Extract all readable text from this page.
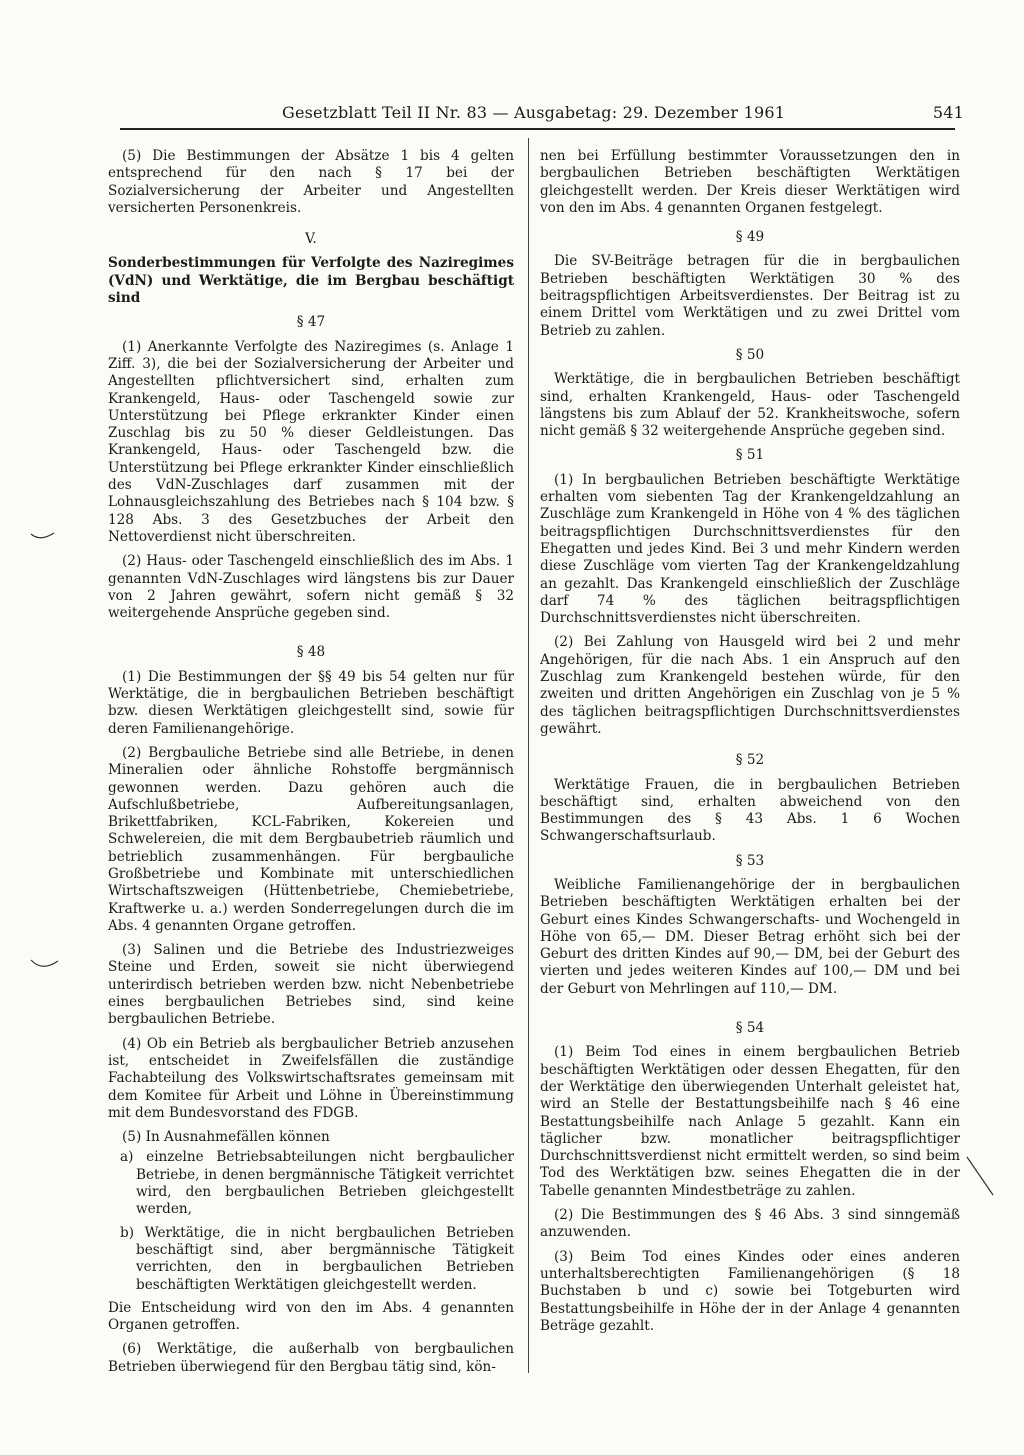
Gesetzblatt Teil II Nr. 83 — Ausgabetag: 29. Dezember 1961	541

(5) Die Bestimmungen der Absätze 1 bis 4 gelten entsprechend für den nach § 17 bei der Sozialversicherung der Arbeiter und Angestellten versicherten Personenkreis.

V.

Sonderbestimmungen für Verfolgte des Naziregimes (VdN) und Werktätige, die im Bergbau beschäftigt sind

§ 47

(1) Anerkannte Verfolgte des Naziregimes (s. Anlage 1 Ziff. 3), die bei der Sozialversicherung der Arbeiter und Angestellten pflichtversichert sind, erhalten zum Krankengeld, Haus- oder Taschengeld sowie zur Unterstützung bei Pflege erkrankter Kinder einen Zuschlag bis zu 50 % dieser Geldleistungen. Das Krankengeld, Haus- oder Taschengeld bzw. die Unterstützung bei Pflege erkrankter Kinder einschließlich des VdN-Zuschlages darf zusammen mit der Lohnausgleichszahlung des Betriebes nach § 104 bzw. § 128 Abs. 3 des Gesetzbuches der Arbeit den Nettoverdienst nicht überschreiten.

(2) Haus- oder Taschengeld einschließlich des im Abs. 1 genannten VdN-Zuschlages wird längstens bis zur Dauer von 2 Jahren gewährt, sofern nicht gemäß § 32 weitergehende Ansprüche gegeben sind.

§ 48

(1) Die Bestimmungen der §§ 49 bis 54 gelten nur für Werktätige, die in bergbaulichen Betrieben beschäftigt bzw. diesen Werktätigen gleichgestellt sind, sowie für deren Familienangehörige.

(2) Bergbauliche Betriebe sind alle Betriebe, in denen Mineralien oder ähnliche Rohstoffe bergmännisch gewonnen werden. Dazu gehören auch die Aufschlußbetriebe, Aufbereitungsanlagen, Brikettfabriken, KCL-Fabriken, Kokereien und Schwelereien, die mit dem Bergbaubetrieb räumlich und betrieblich zusammenhängen. Für bergbauliche Großbetriebe und Kombinate mit unterschiedlichen Wirtschaftszweigen (Hüttenbetriebe, Chemiebetriebe, Kraftwerke u. a.) werden Sonderregelungen durch die im Abs. 4 genannten Organe getroffen.

(3) Salinen und die Betriebe des Industriezweiges Steine und Erden, soweit sie nicht überwiegend unterirdisch betrieben werden bzw. nicht Nebenbetriebe eines bergbaulichen Betriebes sind, sind keine bergbaulichen Betriebe.

(4) Ob ein Betrieb als bergbaulicher Betrieb anzusehen ist, entscheidet in Zweifelsfällen die zuständige Fachabteilung des Volkswirtschaftsrates gemeinsam mit dem Komitee für Arbeit und Löhne in Übereinstimmung mit dem Bundesvorstand des FDGB.

(5) In Ausnahmefällen können

a) einzelne Betriebsabteilungen nicht bergbaulicher Betriebe, in denen bergmännische Tätigkeit verrichtet wird, den bergbaulichen Betrieben gleichgestellt werden,

b) Werktätige, die in nicht bergbaulichen Betrieben beschäftigt sind, aber bergmännische Tätigkeit verrichten, den in bergbaulichen Betrieben beschäftigten Werktätigen gleichgestellt werden.

Die Entscheidung wird von den im Abs. 4 genannten Organen getroffen.

(6) Werktätige, die außerhalb von bergbaulichen Betrieben überwiegend für den Bergbau tätig sind, kön-

nen bei Erfüllung bestimmter Voraussetzungen den in bergbaulichen Betrieben beschäftigten Werktätigen gleichgestellt werden. Der Kreis dieser Werktätigen wird von den im Abs. 4 genannten Organen festgelegt.

§ 49

Die SV-Beiträge betragen für die in bergbaulichen Betrieben beschäftigten Werktätigen 30 % des beitragspflichtigen Arbeitsverdienstes. Der Beitrag ist zu einem Drittel vom Werktätigen und zu zwei Drittel vom Betrieb zu zahlen.

§ 50

Werktätige, die in bergbaulichen Betrieben beschäftigt sind, erhalten Krankengeld, Haus- oder Taschengeld längstens bis zum Ablauf der 52. Krankheitswoche, sofern nicht gemäß § 32 weitergehende Ansprüche gegeben sind.

§ 51

(1) In bergbaulichen Betrieben beschäftigte Werktätige erhalten vom siebenten Tag der Krankengeldzahlung an Zuschläge zum Krankengeld in Höhe von 4 % des täglichen beitragspflichtigen Durchschnittsverdienstes für den Ehegatten und jedes Kind. Bei 3 und mehr Kindern werden diese Zuschläge vom vierten Tag der Krankengeldzahlung an gezahlt. Das Krankengeld einschließlich der Zuschläge darf 74 % des täglichen beitragspflichtigen Durchschnittsverdienstes nicht überschreiten.

(2) Bei Zahlung von Hausgeld wird bei 2 und mehr Angehörigen, für die nach Abs. 1 ein Anspruch auf den Zuschlag zum Krankengeld bestehen würde, für den zweiten und dritten Angehörigen ein Zuschlag von je 5 % des täglichen beitragspflichtigen Durchschnittsverdienstes gewährt.

§ 52

Werktätige Frauen, die in bergbaulichen Betrieben beschäftigt sind, erhalten abweichend von den Bestimmungen des § 43 Abs. 1 6 Wochen Schwangerschaftsurlaub.

§ 53

Weibliche Familienangehörige der in bergbaulichen Betrieben beschäftigten Werktätigen erhalten bei der Geburt eines Kindes Schwangerschafts- und Wochengeld in Höhe von 65,— DM. Dieser Betrag erhöht sich bei der Geburt des dritten Kindes auf 90,— DM, bei der Geburt des vierten und jedes weiteren Kindes auf 100,— DM und bei der Geburt von Mehrlingen auf 110,— DM.

§ 54

(1) Beim Tod eines in einem bergbaulichen Betrieb beschäftigten Werktätigen oder dessen Ehegatten, für den der Werktätige den überwiegenden Unterhalt geleistet hat, wird an Stelle der Bestattungsbeihilfe nach § 46 eine Bestattungsbeihilfe nach Anlage 5 gezahlt. Kann ein täglicher bzw. monatlicher beitragspflichtiger Durchschnittsverdienst nicht ermittelt werden, so sind beim Tod des Werktätigen bzw. seines Ehegatten die in der Tabelle genannten Mindestbeträge zu zahlen.

(2) Die Bestimmungen des § 46 Abs. 3 sind sinngemäß anzuwenden.

(3) Beim Tod eines Kindes oder eines anderen unterhaltsberechtigten Familienangehörigen (§ 18 Buchstaben b und c) sowie bei Totgeburten wird Bestattungsbeihilfe in Höhe der in der Anlage 4 genannten Beträge gezahlt.
